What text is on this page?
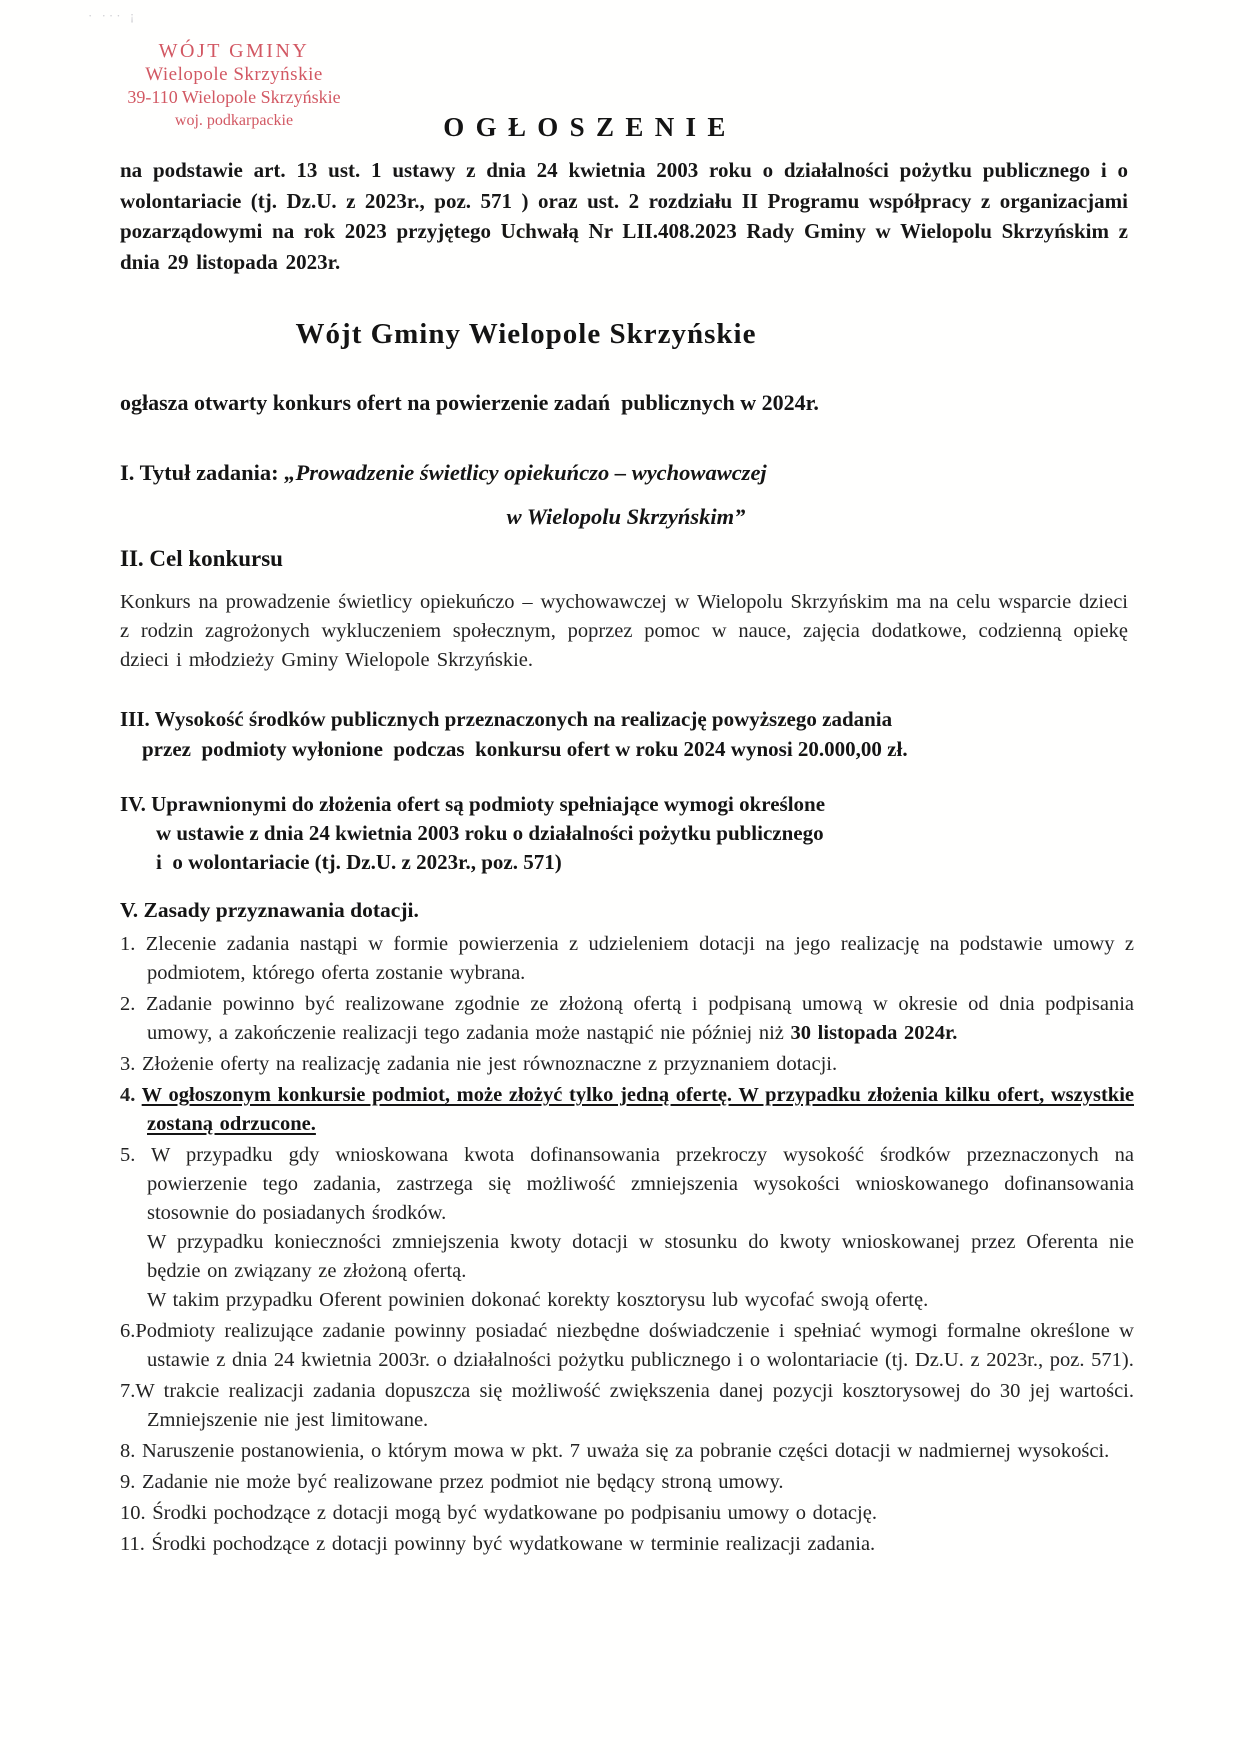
· ··· ¡
WÓJT GMINY
Wielopole Skrzyńskie
39-110 Wielopole Skrzyńskie
woj. podkarpackie	OGŁOSZENIE

na podstawie art. 13 ust. 1 ustawy z dnia 24 kwietnia 2003 roku o działalności pożytku publicznego i o wolontariacie (tj. Dz.U. z 2023r., poz. 571 ) oraz ust. 2 rozdziału II Programu współpracy z organizacjami pozarządowymi na rok 2023 przyjętego Uchwałą Nr LII.408.2023 Rady Gminy w Wielopolu Skrzyńskim z dnia 29 listopada 2023r.

Wójt Gminy Wielopole Skrzyńskie
ogłasza otwarty konkurs ofert na powierzenie zadań  publicznych w 2024r.
I. Tytuł zadania: „Prowadzenie świetlicy opiekuńczo – wychowawczej
w Wielopolu Skrzyńskim”
II. Cel konkursu

Konkurs na prowadzenie świetlicy opiekuńczo – wychowawczej w Wielopolu Skrzyńskim ma na celu wsparcie dzieci z rodzin zagrożonych wykluczeniem społecznym, poprzez pomoc w nauce, zajęcia dodatkowe, codzienną opiekę dzieci i młodzieży Gminy Wielopole Skrzyńskie.

III. Wysokość środków publicznych przeznaczonych na realizację powyższego zadania
przez  podmioty wyłonione  podczas  konkursu ofert w roku 2024 wynosi 20.000,00 zł.
IV. Uprawnionymi do złożenia ofert są podmioty spełniające wymogi określone
w ustawie z dnia 24 kwietnia 2003 roku o działalności pożytku publicznego
i  o wolontariacie (tj. Dz.U. z 2023r., poz. 571)
V. Zasady przyznawania dotacji.
1. Zlecenie zadania nastąpi w formie powierzenia z udzieleniem dotacji na jego realizację na podstawie umowy z podmiotem, którego oferta zostanie wybrana.
2. Zadanie powinno być realizowane zgodnie ze złożoną ofertą i podpisaną umową w okresie od dnia podpisania umowy, a zakończenie realizacji tego zadania może nastąpić nie później niż 30 listopada 2024r.
3. Złożenie oferty na realizację zadania nie jest równoznaczne z przyznaniem dotacji.
4. W ogłoszonym konkursie podmiot, może złożyć tylko jedną ofertę. W przypadku złożenia kilku ofert, wszystkie zostaną odrzucone.
5. W przypadku gdy wnioskowana kwota dofinansowania przekroczy wysokość środków przeznaczonych na powierzenie tego zadania, zastrzega się możliwość zmniejszenia wysokości wnioskowanego dofinansowania stosownie do posiadanych środków.
W przypadku konieczności zmniejszenia kwoty dotacji w stosunku do kwoty wnioskowanej przez Oferenta nie będzie on związany ze złożoną ofertą.
W takim przypadku Oferent powinien dokonać korekty kosztorysu lub wycofać swoją ofertę.
6.Podmioty realizujące zadanie powinny posiadać niezbędne doświadczenie i spełniać wymogi formalne określone w ustawie z dnia 24 kwietnia 2003r. o działalności pożytku publicznego i o wolontariacie (tj. Dz.U. z 2023r., poz. 571).
7.W trakcie realizacji zadania dopuszcza się możliwość zwiększenia danej pozycji kosztorysowej do 30 jej wartości. Zmniejszenie nie jest limitowane.
8. Naruszenie postanowienia, o którym mowa w pkt. 7 uważa się za pobranie części dotacji w nadmiernej wysokości.
9. Zadanie nie może być realizowane przez podmiot nie będący stroną umowy.
10. Środki pochodzące z dotacji mogą być wydatkowane po podpisaniu umowy o dotację.
11. Środki pochodzące z dotacji powinny być wydatkowane w terminie realizacji zadania.
